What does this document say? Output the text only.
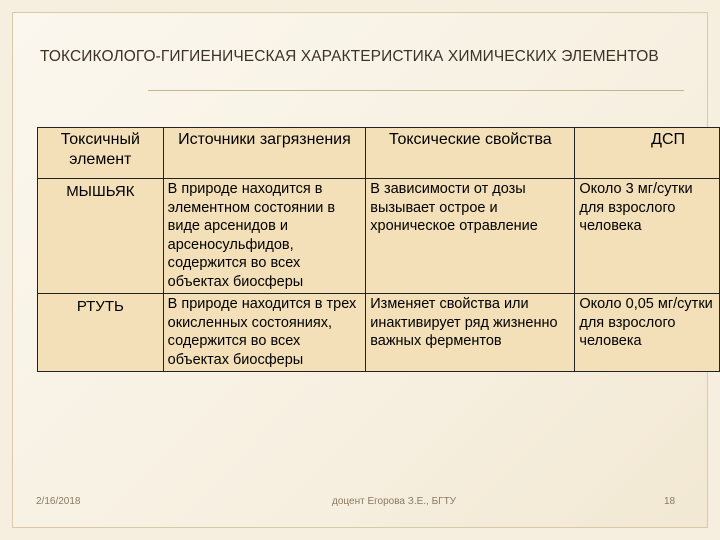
ТОКСИКОЛОГО-ГИГИЕНИЧЕСКАЯ ХАРАКТЕРИСТИКА ХИМИЧЕСКИХ ЭЛЕМЕНТОВ
Токсичный элемент	Источники загрязнения	Токсические свойства	ДСП
МЫШЬЯК	В природе находится в элементном состоянии в виде арсенидов и арсеносульфидов, содержится во всех объектах биосферы	В зависимости от дозы вызывает острое и хроническое отравление	Около 3 мг/сутки для взрослого человека
РТУТЬ	В природе находится в трех окисленных состояниях, содержится во всех объектах биосферы	Изменяет свойства или инактивирует ряд жизненно важных ферментов	Около 0,05 мг/сутки для взрослого человека
2/16/2018	доцент Егорова З.Е., БГТУ	18
